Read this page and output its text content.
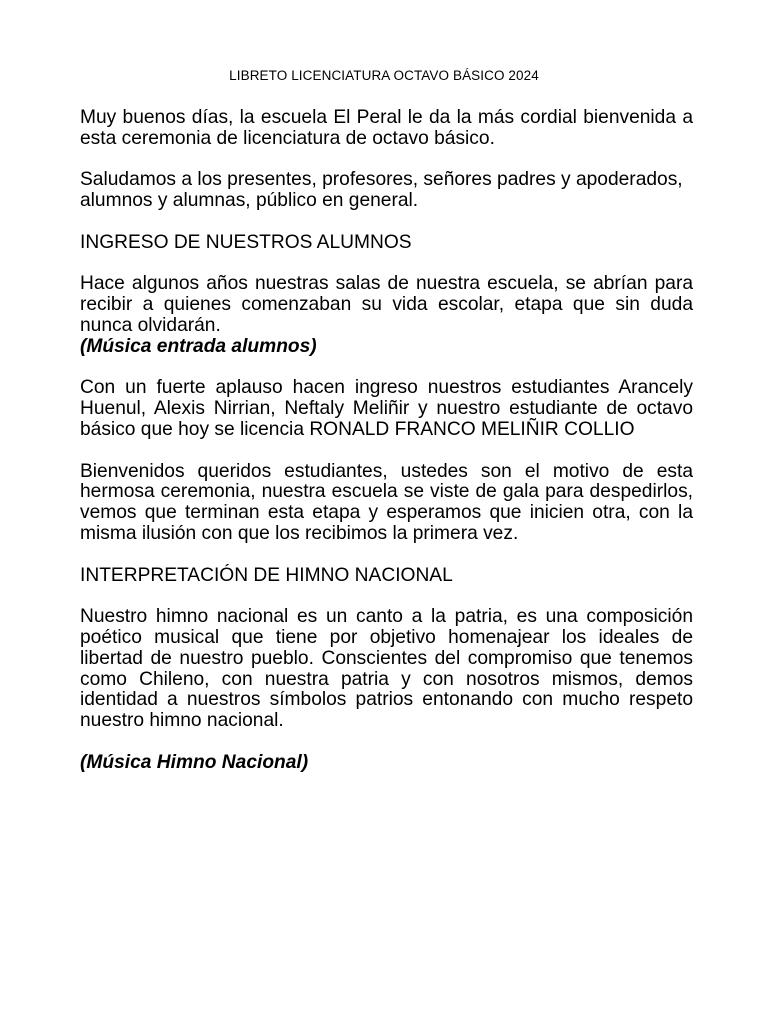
LIBRETO LICENCIATURA OCTAVO BÁSICO 2024

Muy buenos días, la escuela El Peral le da la más cordial bienvenida a esta ceremonia de licenciatura de octavo básico.

Saludamos a los presentes, profesores, señores padres y apoderados, alumnos y alumnas, público en general.

INGRESO DE NUESTROS ALUMNOS

Hace algunos años nuestras salas de nuestra escuela, se abrían para recibir a quienes comenzaban su vida escolar, etapa que sin duda nunca olvidarán.

(Música entrada alumnos)

Con un fuerte aplauso hacen ingreso nuestros estudiantes Arancely Huenul, Alexis Nirrian, Neftaly Meliñir y nuestro estudiante de octavo básico que hoy se licencia RONALD FRANCO MELIÑIR COLLIO

Bienvenidos queridos estudiantes, ustedes son el motivo de esta hermosa ceremonia, nuestra escuela se viste de gala para despedirlos, vemos que terminan esta etapa y esperamos que inicien otra, con la misma ilusión con que los recibimos la primera vez.

INTERPRETACIÓN DE HIMNO NACIONAL

Nuestro himno nacional es un canto a la patria, es una composición poético musical que tiene por objetivo homenajear los ideales de libertad de nuestro pueblo. Conscientes del compromiso que tenemos como Chileno, con nuestra patria y con nosotros mismos, demos identidad a nuestros símbolos patrios entonando con mucho respeto nuestro himno nacional.

(Música Himno Nacional)
